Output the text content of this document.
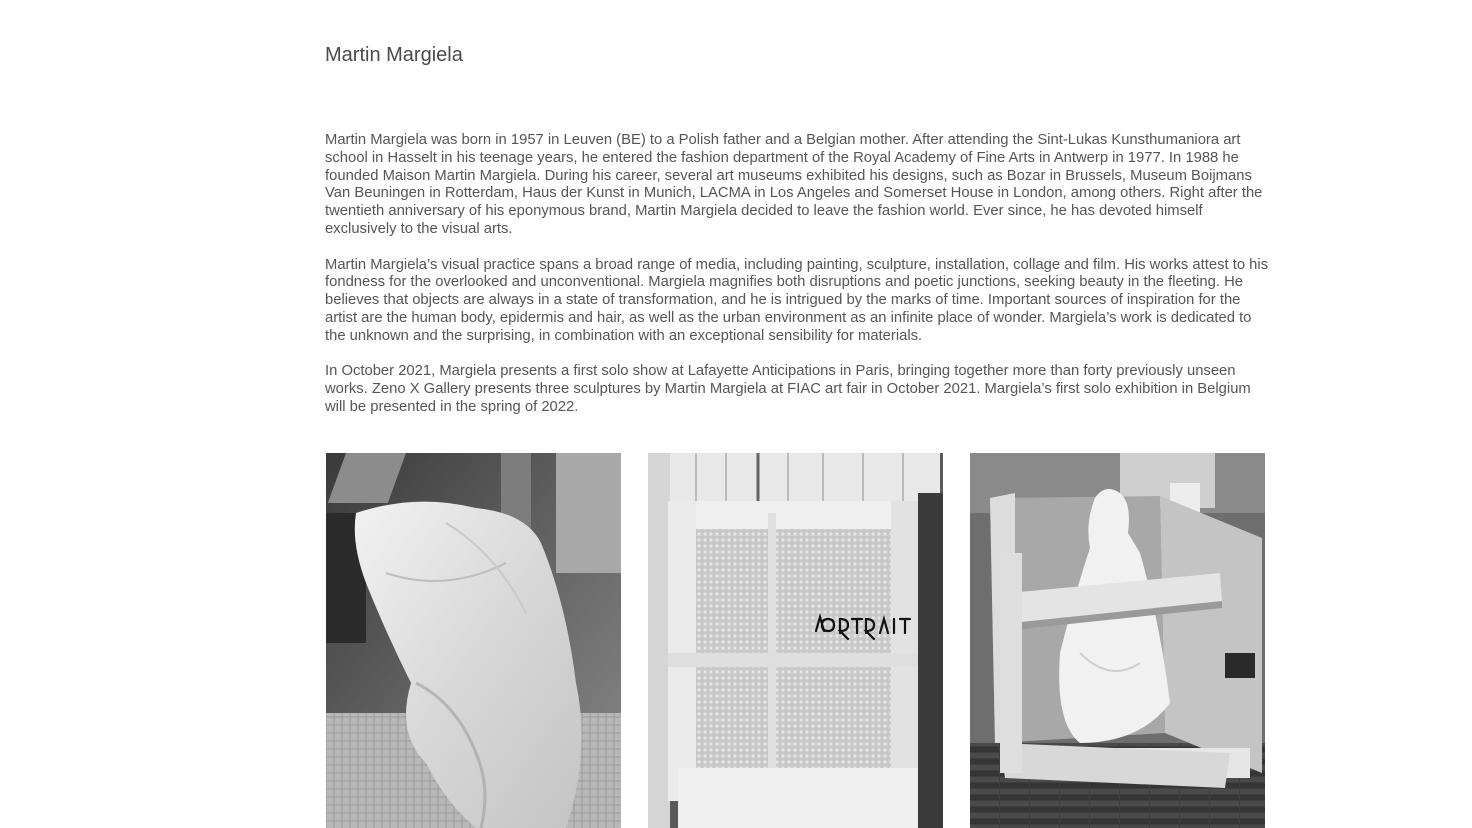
Martin Margiela

Martin Margiela was born in 1957 in Leuven (BE) to a Polish father and a Belgian mother. After attending the Sint-Lukas Kunsthumaniora art school in Hasselt in his teenage years, he entered the fashion department of the Royal Academy of Fine Arts in Antwerp in 1977. In 1988 he founded Maison Martin Margiela. During his career, several art museums exhibited his designs, such as Bozar in Brussels, Museum Boijmans Van Beuningen in Rotterdam, Haus der Kunst in Munich, LACMA in Los Angeles and Somerset House in London, among others. Right after the twentieth anniversary of his eponymous brand, Martin Margiela decided to leave the fashion world. Ever since, he has devoted himself exclusively to the visual arts.

Martin Margiela’s visual practice spans a broad range of media, including painting, sculpture, installation, collage and film. His works attest to his fondness for the overlooked and unconventional. Margiela magnifies both disruptions and poetic junctions, seeking beauty in the fleeting. He believes that objects are always in a state of transformation, and he is intrigued by the marks of time. Important sources of inspiration for the artist are the human body, epidermis and hair, as well as the urban environment as an infinite place of wonder. Margiela’s work is dedicated to the unknown and the surprising, in combination with an exceptional sensibility for materials.

In October 2021, Margiela presents a first solo show at Lafayette Anticipations in Paris, bringing together more than forty previously unseen works. Zeno X Gallery presents three sculptures by Martin Margiela at FIAC art fair in October 2021. Margiela’s first solo exhibition in Belgium will be presented in the spring of 2022.
